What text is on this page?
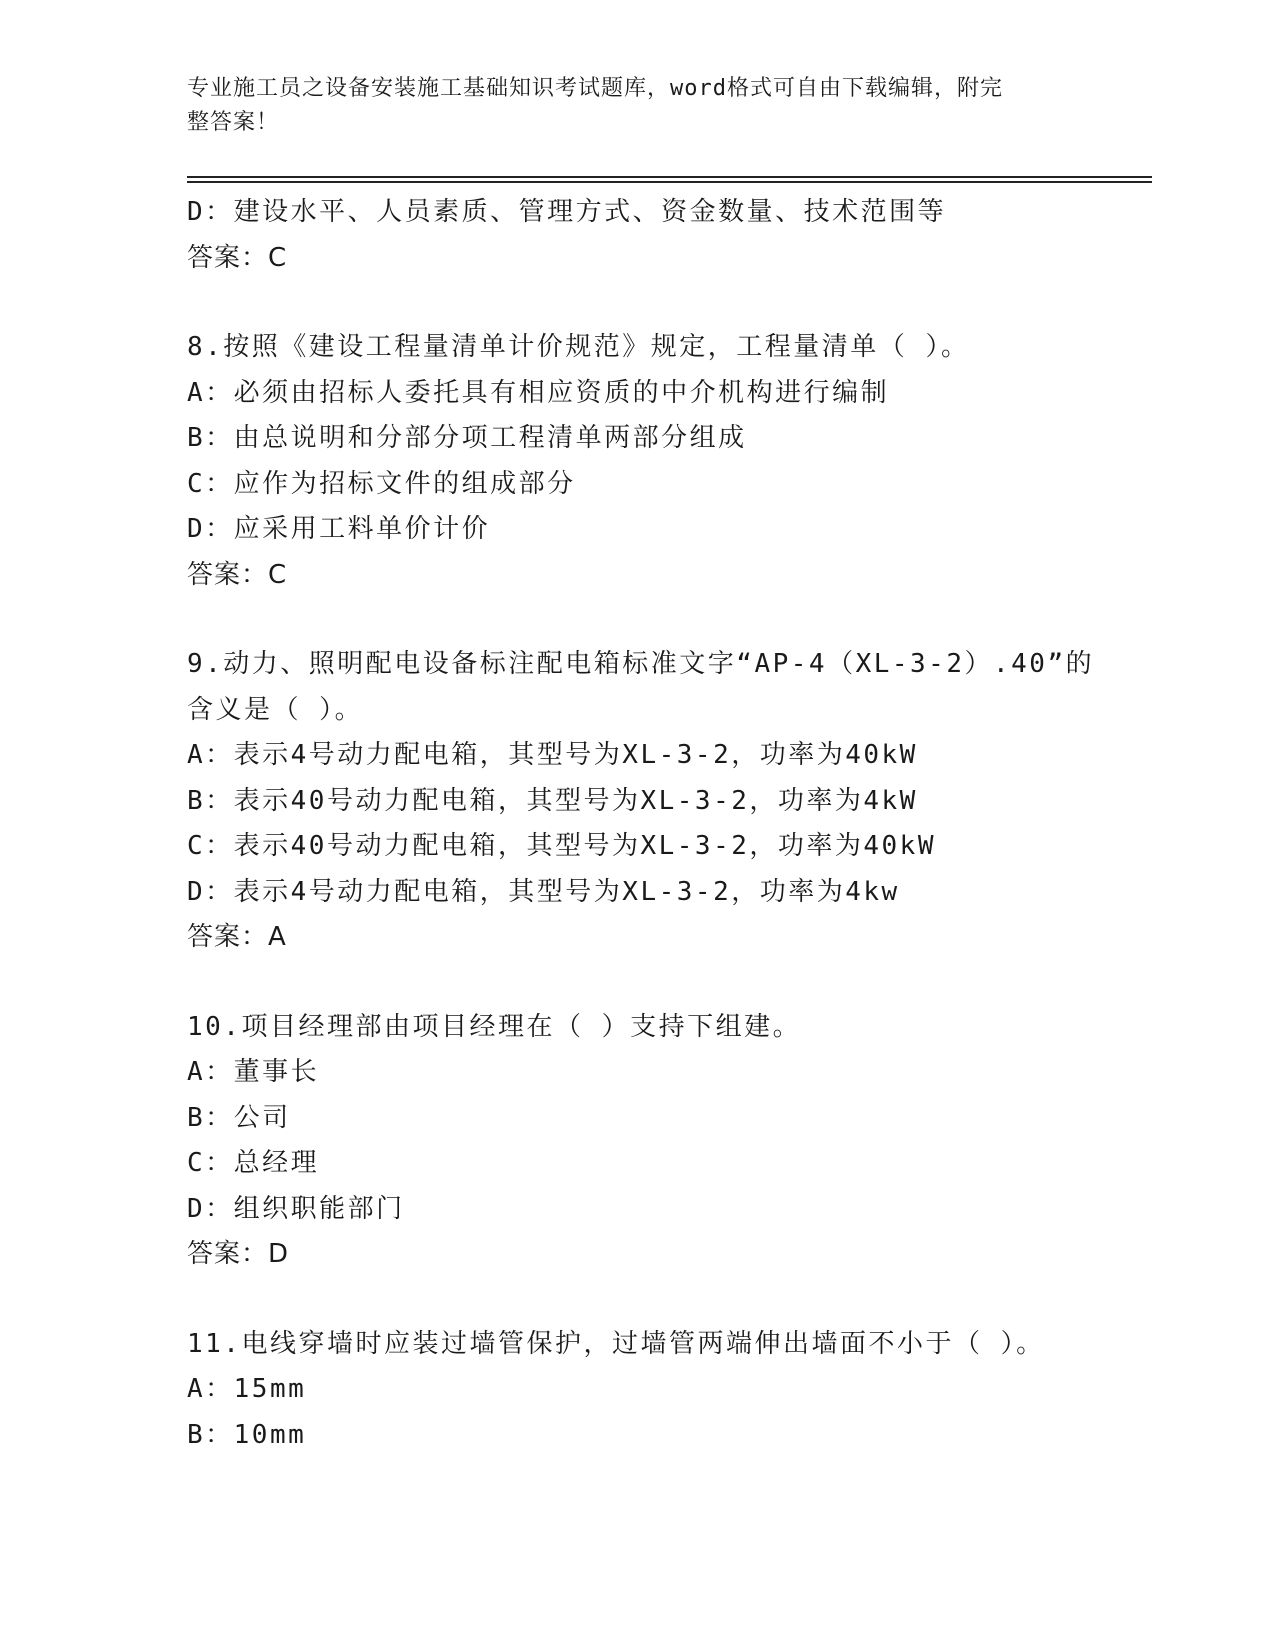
专业施工员之设备安装施工基础知识考试题库，word格式可自由下载编辑，附完
整答案！
D：建设水平、人员素质、管理方式、资金数量、技术范围等
答案：C
8.按照《建设工程量清单计价规范》规定，工程量清单（ ）。
A：必须由招标人委托具有相应资质的中介机构进行编制
B：由总说明和分部分项工程清单两部分组成
C：应作为招标文件的组成部分
D：应采用工料单价计价
答案：C
9.动力、照明配电设备标注配电箱标准文字“AP-4（XL-3-2）.40”的
含义是（ ）。
A：表示4号动力配电箱，其型号为XL-3-2，功率为40kW
B：表示40号动力配电箱，其型号为XL-3-2，功率为4kW
C：表示40号动力配电箱，其型号为XL-3-2，功率为40kW
D：表示4号动力配电箱，其型号为XL-3-2，功率为4kw
答案：A
10.项目经理部由项目经理在（ ）支持下组建。
A：董事长
B：公司
C：总经理
D：组织职能部门
答案：D
11.电线穿墙时应装过墙管保护，过墙管两端伸出墙面不小于（ ）。
A：15mm
B：10mm
